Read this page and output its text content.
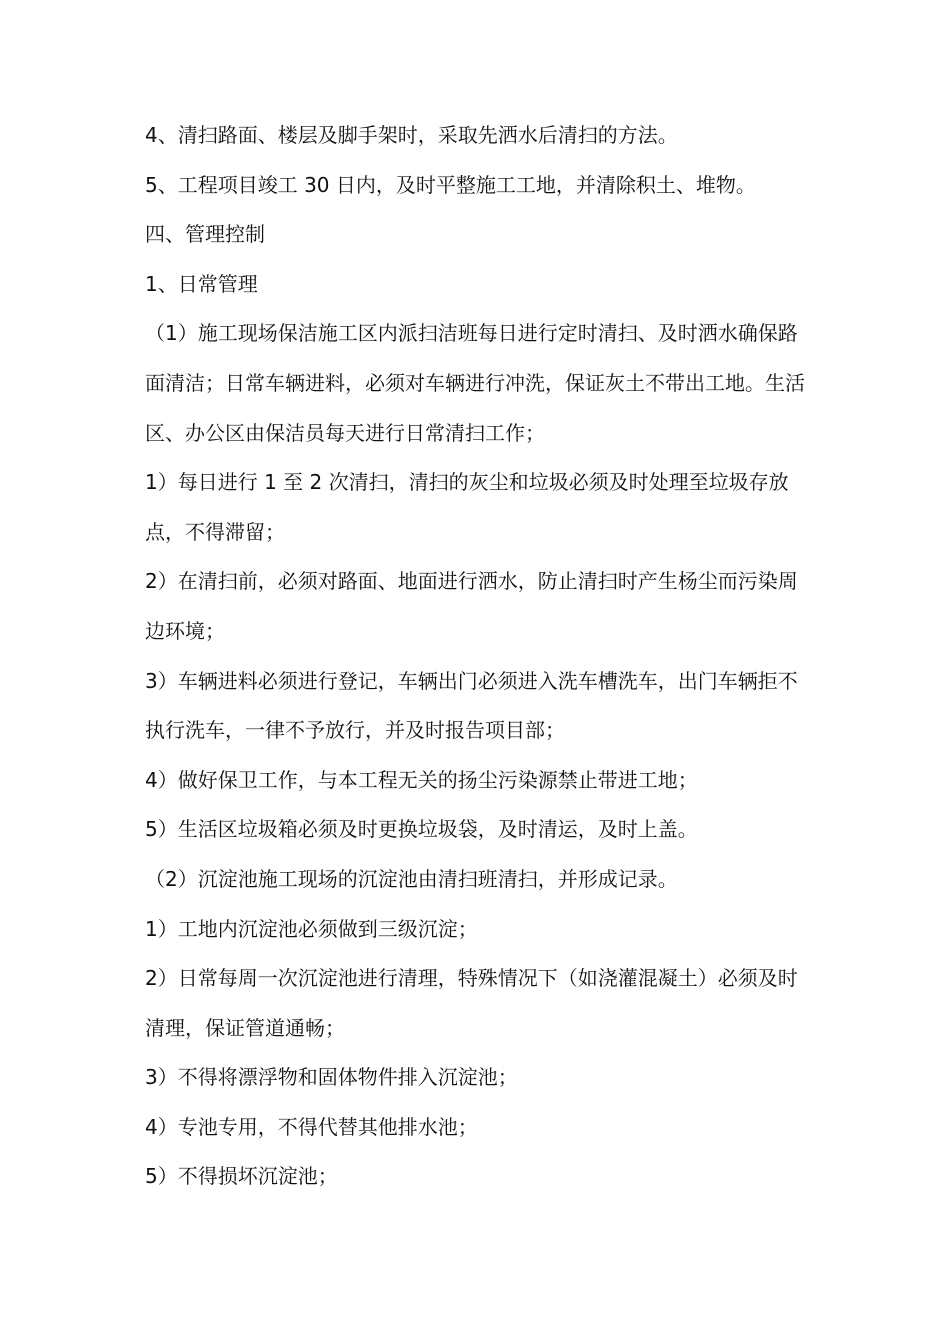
4、清扫路面、楼层及脚手架时，采取先洒水后清扫的方法。

5、工程项目竣工 30 日内，及时平整施工工地，并清除积土、堆物。

四、管理控制

1、日常管理

（1）施工现场保洁施工区内派扫洁班每日进行定时清扫、及时洒水确保路面清洁；日常车辆进料，必须对车辆进行冲洗，保证灰土不带出工地。生活区、办公区由保洁员每天进行日常清扫工作；

1）每日进行 1 至 2 次清扫，清扫的灰尘和垃圾必须及时处理至垃圾存放点，不得滞留；

2）在清扫前，必须对路面、地面进行洒水，防止清扫时产生杨尘而污染周边环境；

3）车辆进料必须进行登记，车辆出门必须进入洗车槽洗车，出门车辆拒不执行洗车，一律不予放行，并及时报告项目部；

4）做好保卫工作，与本工程无关的扬尘污染源禁止带进工地；

5）生活区垃圾箱必须及时更换垃圾袋，及时清运，及时上盖。

（2）沉淀池施工现场的沉淀池由清扫班清扫，并形成记录。

1）工地内沉淀池必须做到三级沉淀；

2）日常每周一次沉淀池进行清理，特殊情况下（如浇灌混凝土）必须及时清理，保证管道通畅；

3）不得将漂浮物和固体物件排入沉淀池；

4）专池专用，不得代替其他排水池；

5）不得损坏沉淀池；
